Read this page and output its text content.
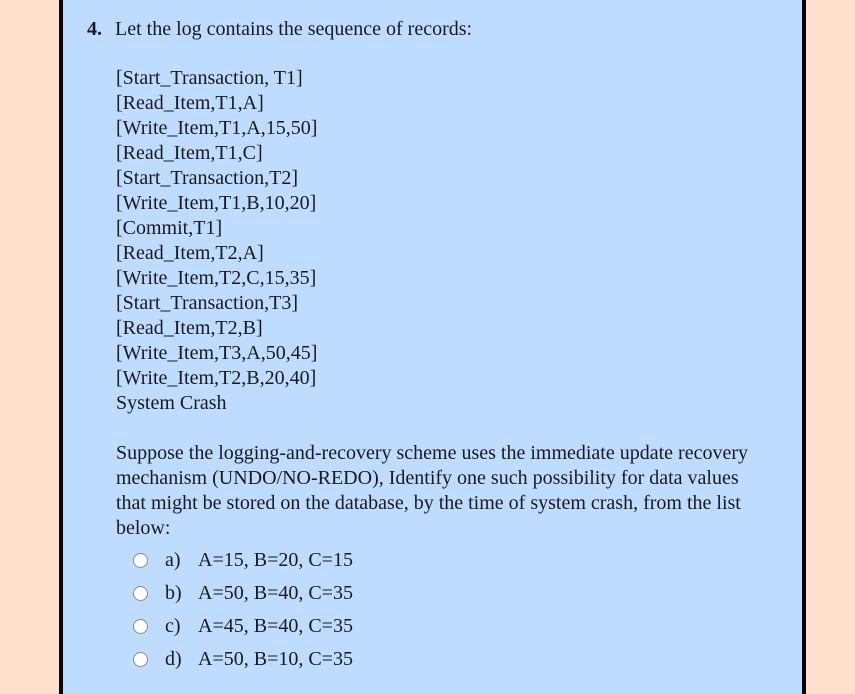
4. Let the log contains the sequence of records:

[Start_Transaction, T1]
[Read_Item,T1,A]
[Write_Item,T1,A,15,50]
[Read_Item,T1,C]
[Start_Transaction,T2]
[Write_Item,T1,B,10,20]
[Commit,T1]
[Read_Item,T2,A]
[Write_Item,T2,C,15,35]
[Start_Transaction,T3]
[Read_Item,T2,B]
[Write_Item,T3,A,50,45]
[Write_Item,T2,B,20,40]
System Crash
Suppose the logging-and-recovery scheme uses the immediate update recovery mechanism (UNDO/NO-REDO), Identify one such possibility for data values that might be stored on the database, by the time of system crash, from the list below:
a) A=15, B=20, C=15
b) A=50, B=40, C=35
c) A=45, B=40, C=35
d) A=50, B=10, C=35
